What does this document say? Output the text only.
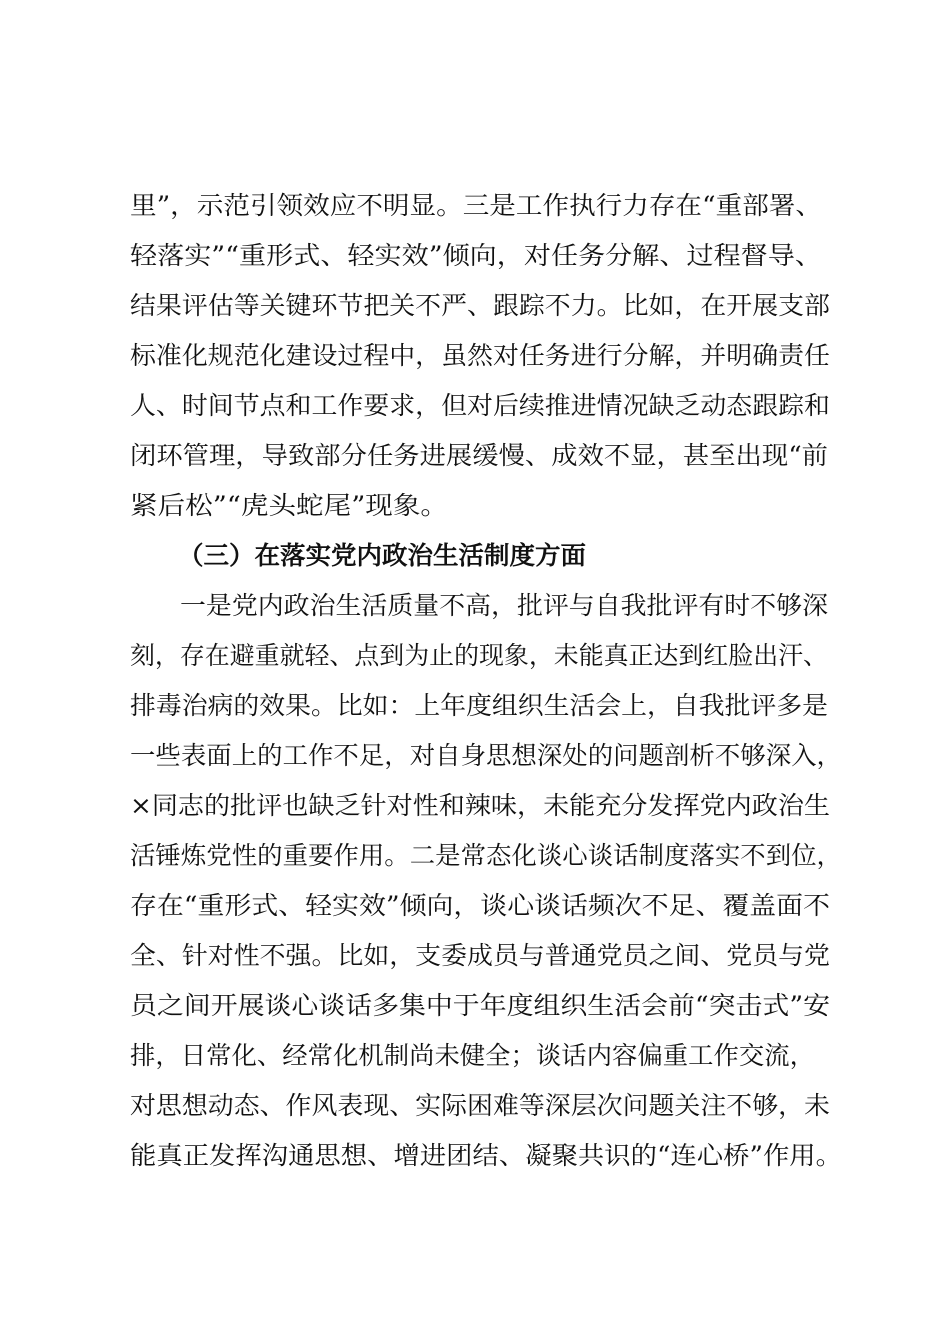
里”，示范引领效应不明显。三是工作执行力存在“重部署、
轻落实”“重形式、轻实效”倾向，对任务分解、过程督导、
结果评估等关键环节把关不严、跟踪不力。比如，在开展支部
标准化规范化建设过程中，虽然对任务进行分解，并明确责任
人、时间节点和工作要求，但对后续推进情况缺乏动态跟踪和
闭环管理，导致部分任务进展缓慢、成效不显，甚至出现“前
紧后松”“虎头蛇尾”现象。
（三）在落实党内政治生活制度方面
一是党内政治生活质量不高，批评与自我批评有时不够深
刻，存在避重就轻、点到为止的现象，未能真正达到红脸出汗、
排毒治病的效果。比如：上年度组织生活会上，自我批评多是
一些表面上的工作不足，对自身思想深处的问题剖析不够深入，
×同志的批评也缺乏针对性和辣味，未能充分发挥党内政治生
活锤炼党性的重要作用。二是常态化谈心谈话制度落实不到位，
存在“重形式、轻实效”倾向，谈心谈话频次不足、覆盖面不
全、针对性不强。比如，支委成员与普通党员之间、党员与党
员之间开展谈心谈话多集中于年度组织生活会前“突击式”安
排，日常化、经常化机制尚未健全；谈话内容偏重工作交流，
对思想动态、作风表现、实际困难等深层次问题关注不够，未
能真正发挥沟通思想、增进团结、凝聚共识的“连心桥”作用。
